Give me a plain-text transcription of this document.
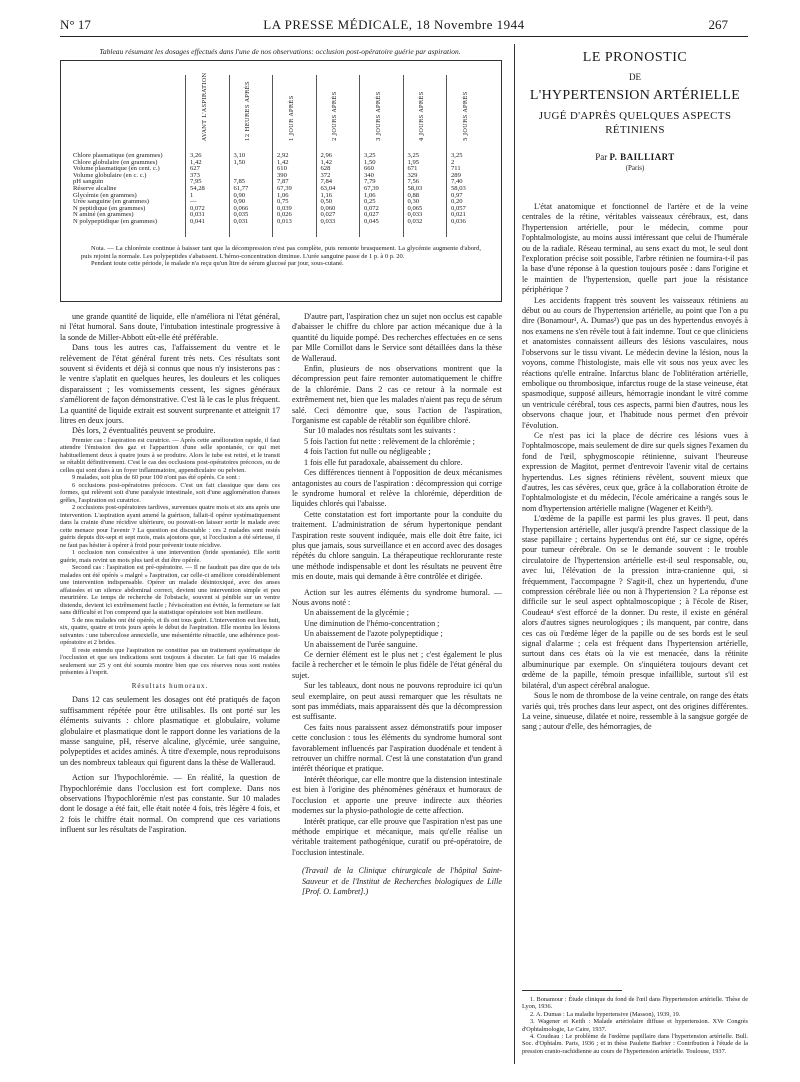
N° 17	LA PRESSE MÉDICALE, 18 Novembre 1944	267
Tableau résumant les dosages effectués dans l'une de nos observations: occlusion post-opératoire guérie par aspiration.
Chlore plasmatique (en grammes)
Chlore globulaire (en grammes)
Volume plasmatique (en cent. c.)
Volume globulaire (en c. c.)
pH sanguin
Réserve alcaline
Glycémie (en grammes)
Urée sanguine (en grammes)
N peptidique (en grammes)
N aminé (en grammes)
N polypeptidique (en grammes)
AVANT L'ASPIRATION
3,26
1,42
627
373
7,95
54,28
1
—
0,072
0,031
0,041
12 HEURES APRÈS
3,10
1,50

7,85
61,77
0,90
0,90
0,066
0,035
0,031
1 JOUR APRÈS
2,92
1,42
610
390
7,87
67,39
1,06
0,75
0,039
0,026
0,013
2 JOURS APRÈS
2,96
1,42
628
372
7,84
63,04
1,16
0,50
0,060
0,027
0,033
3 JOURS APRÈS
3,25
1,50
660
340
7,79
67,39
1,06
0,25
0,072
0,027
0,045
4 JOURS APRÈS
3,25
1,95
671
329
7,56
58,03
0,88
0,30
0,065
0,033
0,032
5 JOURS APRÈS
3,25
2
711
289
7,40
58,03
0,97
0,20
0,057
0,021
0,036
Nota. — La chlorémie continue à baisser tant que la décompression n'est pas complète, puis remonte brusquement. La glycémie augmente d'abord, puis rejoint la normale. Les polypeptides s'abaissent. L'hémo-concentration diminue. L'urée sanguine passe de 1 p. à 0 p. 20.
Pendant toute cette période, le malade n'a reçu qu'un litre de sérum glucosé par jour, sous-cutané.

une grande quantité de liquide, elle n'améliora ni l'état général, ni l'état humoral. Sans doute, l'intubation intestinale progressive à la sonde de Miller-Abbott eût-elle été préférable.

Dans tous les autres cas, l'affaissement du ventre et le relèvement de l'état général furent très nets. Ces résultats sont souvent si évidents et déjà si connus que nous n'y insisterons pas : le ventre s'aplatit en quelques heures, les douleurs et les coliques disparaissent ; les vomissements cessent, les signes généraux s'améliorent de façon démonstrative. C'est là le cas le plus fréquent. La quantité de liquide extrait est souvent surprenante et atteignit 17 litres en deux jours.

Dès lors, 2 éventualités peuvent se produire.

Premier cas : l'aspiration est curatrice. — Après cette amélioration rapide, il faut attendre l'émission des gaz et l'apparition d'une selle spontanée, ce qui met habituellement deux à quatre jours à se produire. Alors le tube est retiré, et le transit se rétablit définitivement. C'est le cas des occlusions post-opératoires précoces, ou de celles qui sont dues à un foyer inflammatoire, appendiculaire ou pelvien.

9 malades, soit plus de 60 pour 100 n'ont pas été opérés. Ce sont :

6 occlusions post-opératoires précoces. C'est un fait classique que dans ces formes, qui relèvent soit d'une paralysie intestinale, soit d'une agglomération d'anses grêles, l'aspiration est curatrice.

2 occlusions post-opératoires tardives, survenues quatre mois et six ans après une intervention. L'aspiration ayant amené la guérison, fallait-il opérer systématiquement dans la crainte d'une récidive ultérieure, ou pouvait-on laisser sortir le malade avec cette menace pour l'avenir ? La question est discutable : ces 2 malades sont restés guéris depuis dix-sept et sept mois, mais ajoutons que, si l'occlusion a été sérieuse, il ne faut pas hésiter à opérer à froid pour prévenir toute récidive.

1 occlusion non consécutive à une intervention (bride spontanée). Elle sortit guérie, mais revint un mois plus tard et dut être opérée.

Second cas : l'aspiration est pré-opératoire. — Il ne faudrait pas dire que de tels malades ont été opérés « malgré » l'aspiration, car celle-ci améliore considérablement une intervention indispensable. Opérer un malade désintoxiqué, avec des anses affaissées et un silence abdominal correct, devient une intervention simple et peu meurtrière. Le temps de recherche de l'obstacle, souvent si pénible sur un ventre distendu, devient ici extrêmement facile ; l'éviscération est évitée, la fermeture se fait sans difficulté et l'on comprend que la statistique opératoire soit bien meilleure.

5 de nos malades ont été opérés, et ils ont tous guéri. L'intervention eut lieu huit, six, quatre, quatre et trois jours après le début de l'aspiration. Elle montra les lésions suivantes : une tuberculose annexielle, une mésentérite rétractile, une adhérence post-opératoire et 2 brides.

Il reste entendu que l'aspiration ne constitue pas un traitement systématique de l'occlusion et que ses indications sont toujours à discuter. Le fait que 16 malades seulement sur 25 y ont été soumis montre bien que ces réserves nous sont restées présentes à l'esprit.

Résultats humoraux.

Dans 12 cas seulement les dosages ont été pratiqués de façon suffisamment répétée pour être utilisables. Ils ont porté sur les éléments suivants : chlore plasmatique et globulaire, volume globulaire et plasmatique dont le rapport donne les variations de la masse sanguine, pH, réserve alcaline, glycémie, urée sanguine, polypeptides et acides aminés. À titre d'exemple, nous reproduisons un des nombreux tableaux qui figurent dans la thèse de Walleraud.

Action sur l'hypochlorémie. — En réalité, la question de l'hypochlorémie dans l'occlusion est fort complexe. Dans nos observations l'hypochlorémie n'est pas constante. Sur 10 malades dont le dosage a été fait, elle était notée 4 fois, très légère 4 fois, et 2 fois le chiffre était normal. On comprend que ces variations influent sur les résultats de l'aspiration.

D'autre part, l'aspiration chez un sujet non occlus est capable d'abaisser le chiffre du chlore par action mécanique due à la quantité du liquide pompé. Des recherches effectuées en ce sens par Mlle Cornillot dans le Service sont détaillées dans la thèse de Walleraud.

Enfin, plusieurs de nos observations montrent que la décompression peut faire remonter automatiquement le chiffre de la chlorémie. Dans 2 cas ce retour à la normale est extrêmement net, bien que les malades n'aient pas reçu de sérum salé. Ceci démontre que, sous l'action de l'aspiration, l'organisme est capable de rétablir son équilibre chloré.

Sur 10 malades nos résultats sont les suivants :

5 fois l'action fut nette : relèvement de la chlorémie ;

4 fois l'action fut nulle ou négligeable ;

1 fois elle fut paradoxale, abaissement du chlore.

Ces différences tiennent à l'opposition de deux mécanismes antagonistes au cours de l'aspiration : décompression qui corrige le syndrome humoral et relève la chlorémie, déperdition de liquides chlorés qui l'abaisse.

Cette constatation est fort importante pour la conduite du traitement. L'administration de sérum hypertonique pendant l'aspiration reste souvent indiquée, mais elle doit être faite, ici plus que jamais, sous surveillance et en accord avec des dosages répétés du chlore sanguin. La thérapeutique rechlorurante reste une méthode indispensable et dont les résultats ne peuvent être mis en doute, mais qui demande à être contrôlée et dirigée.

Action sur les autres éléments du syndrome humoral. — Nous avons noté :

Un abaissement de la glycémie ;

Une diminution de l'hémo-concentration ;

Un abaissement de l'azote polypeptidique ;

Un abaissement de l'urée sanguine.

Ce dernier élément est le plus net ; c'est également le plus facile à rechercher et le témoin le plus fidèle de l'état général du sujet.

Sur les tableaux, dont nous ne pouvons reproduire ici qu'un seul exemplaire, on peut aussi remarquer que les résultats ne sont pas immédiats, mais apparaissent dès que la décompression est suffisante.

Ces faits nous paraissent assez démonstratifs pour imposer cette conclusion : tous les éléments du syndrome humoral sont favorablement influencés par l'aspiration duodénale et tendent à retrouver un chiffre normal. C'est là une constatation d'un grand intérêt théorique et pratique.

Intérêt théorique, car elle montre que la distension intestinale est bien à l'origine des phénomènes généraux et humoraux de l'occlusion et apporte une preuve indirecte aux théories modernes sur la physio-pathologie de cette affection.

Intérêt pratique, car elle prouve que l'aspiration n'est pas une méthode empirique et mécanique, mais qu'elle réalise un véritable traitement pathogénique, curatif ou pré-opératoire, de l'occlusion intestinale.

(Travail de la Clinique chirurgicale de l'hôpital Saint-Sauveur et de l'Institut de Recherches biologiques de Lille [Prof. O. Lambret].)

LE PRONOSTIC
DE
L'HYPERTENSION ARTÉRIELLE
JUGÉ D'APRÈS QUELQUES ASPECTS
RÉTINIENS
Par P. BAILLIART
(Paris)

L'état anatomique et fonctionnel de l'artère et de la veine centrales de la rétine, véritables vaisseaux cérébraux, est, dans l'hypertension artérielle, pour le médecin, comme pour l'ophtalmologiste, au moins aussi intéressant que celui de l'humérale ou de la radiale. Réseau terminal, au sens exact du mot, le seul dont l'exploration précise soit possible, l'arbre rétinien ne fournira-t-il pas la base d'une réponse à la question toujours posée : dans l'origine et le maintien de l'hypertension, quelle part joue la résistance périphérique ?

Les accidents frappent très souvent les vaisseaux rétiniens au début ou au cours de l'hypertension artérielle, au point que l'on a pu dire (Bonamour¹, A. Dumas²) que pas un des hypertendus envoyés à nos examens ne s'en révèle tout à fait indemne. Tout ce que cliniciens et anatomistes connaissent ailleurs des lésions vasculaires, nous l'observons sur le tissu vivant. Le médecin devine la lésion, nous la voyons, comme l'histologiste, mais elle vit sous nos yeux avec les réactions qu'elle entraîne. Infarctus blanc de l'oblitération artérielle, embolique ou thrombosique, infarctus rouge de la stase veineuse, état spasmodique, supposé ailleurs, hémorragie inondant le vitré comme un ventricule cérébral, tous ces aspects, parmi bien d'autres, nous les observons chaque jour, et l'habitude nous permet d'en prévoir l'évolution.

Ce n'est pas ici la place de décrire ces lésions vues à l'ophtalmoscope, mais seulement de dire sur quels signes l'examen du fond de l'œil, sphygmoscopie rétinienne, suivant l'heureuse expression de Magitot, permet d'entrevoir l'avenir vital de certains hypertendus. Les signes rétiniens révèlent, souvent mieux que d'autres, les cas sévères, ceux que, grâce à la collaboration étroite de l'ophtalmologiste et du médecin, l'école américaine a rangés sous le nom d'hypertension artérielle maligne (Wagener et Keith³).

L'œdème de la papille est parmi les plus graves. Il peut, dans l'hypertension artérielle, aller jusqu'à prendre l'aspect classique de la stase papillaire ; certains hypertendus ont été, sur ce signe, opérés pour tumeur cérébrale. On se le demande souvent : le trouble circulatoire de l'hypertension artérielle est-il seul responsable, ou, avec lui, l'élévation de la pression intra-cranienne qui, si fréquemment, l'accompagne ? S'agit-il, chez un hypertendu, d'une compression cérébrale liée ou non à l'hypertension ? La réponse est difficile sur le seul aspect ophtalmoscopique ; à l'école de Riser, Coudeau⁴ s'est efforcé de la donner. Du reste, il existe en général alors d'autres signes neurologiques ; ils manquent, par contre, dans ces cas où l'œdème léger de la papille ou de ses bords est le seul signal d'alarme ; cela est fréquent dans l'hypertension artérielle, surtout dans ces états où la vie est menacée, dans la rétinite albuminurique par exemple. On s'inquiétera toujours devant cet œdème de la papille, témoin presque infaillible, surtout s'il est bilatéral, d'un aspect cérébral analogue.

Sous le nom de thrombose de la veine centrale, on range des états variés qui, très proches dans leur aspect, ont des origines différentes. La veine, sinueuse, dilatée et noire, ressemble à la sangsue gorgée de sang ; autour d'elle, des hémorragies, de

1. Bonamour : Étude clinique du fond de l'œil dans l'hypertension artérielle. Thèse de Lyon, 1936.

2. A. Dumas : La maladie hypertensive (Masson), 1939, 19.

3. Wagener et Keith : Malade artériolaire diffuse et hypertension. XVe Congrès d'Ophtalmologie, Le Caire, 1937.

4. Coudeau : Le problème de l'œdème papillaire dans l'hypertension artérielle. Bull. Soc. d'Ophtalm. Paris, 1936 ; et in thèse Paulette Barbier : Contribution à l'étude de la pression cranio-rachidienne au cours de l'hypertension artérielle. Toulouse, 1937.
